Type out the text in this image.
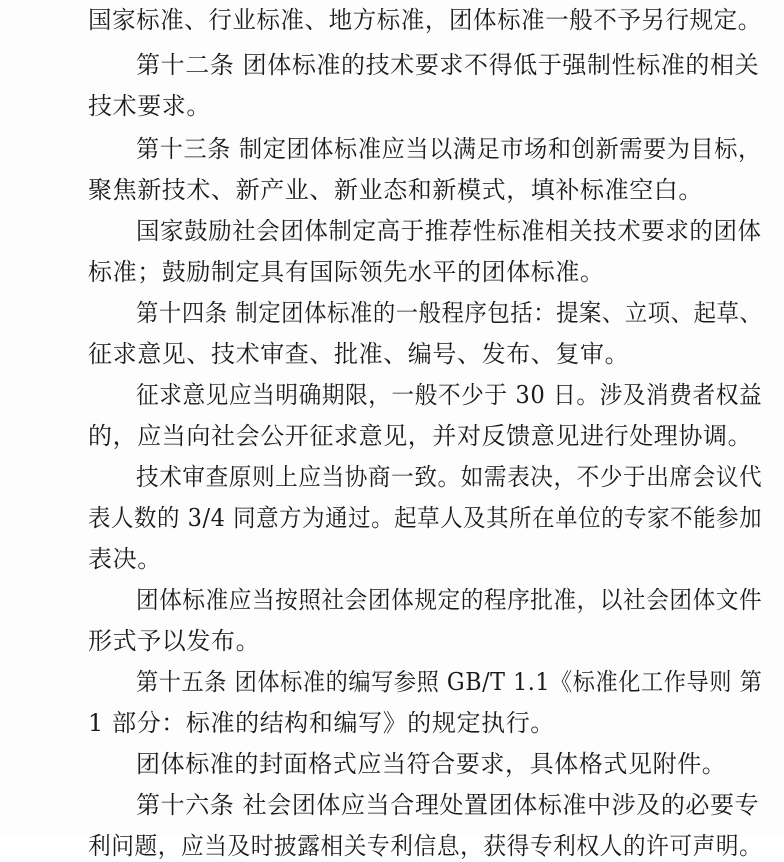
国家标准、行业标准、地方标准，团体标准一般不予另行规定。
第十二条 团体标准的技术要求不得低于强制性标准的相关
技术要求。
第十三条 制定团体标准应当以满足市场和创新需要为目标，
聚焦新技术、新产业、新业态和新模式，填补标准空白。
国家鼓励社会团体制定高于推荐性标准相关技术要求的团体
标准；鼓励制定具有国际领先水平的团体标准。
第十四条 制定团体标准的一般程序包括：提案、立项、起草、
征求意见、技术审查、批准、编号、发布、复审。
征求意见应当明确期限，一般不少于 30 日。涉及消费者权益
的，应当向社会公开征求意见，并对反馈意见进行处理协调。
技术审查原则上应当协商一致。如需表决，不少于出席会议代
表人数的 3/4 同意方为通过。起草人及其所在单位的专家不能参加
表决。
团体标准应当按照社会团体规定的程序批准，以社会团体文件
形式予以发布。
第十五条 团体标准的编写参照 GB/T 1.1《标准化工作导则 第
1 部分：标准的结构和编写》的规定执行。
团体标准的封面格式应当符合要求，具体格式见附件。
第十六条 社会团体应当合理处置团体标准中涉及的必要专
利问题，应当及时披露相关专利信息，获得专利权人的许可声明。
